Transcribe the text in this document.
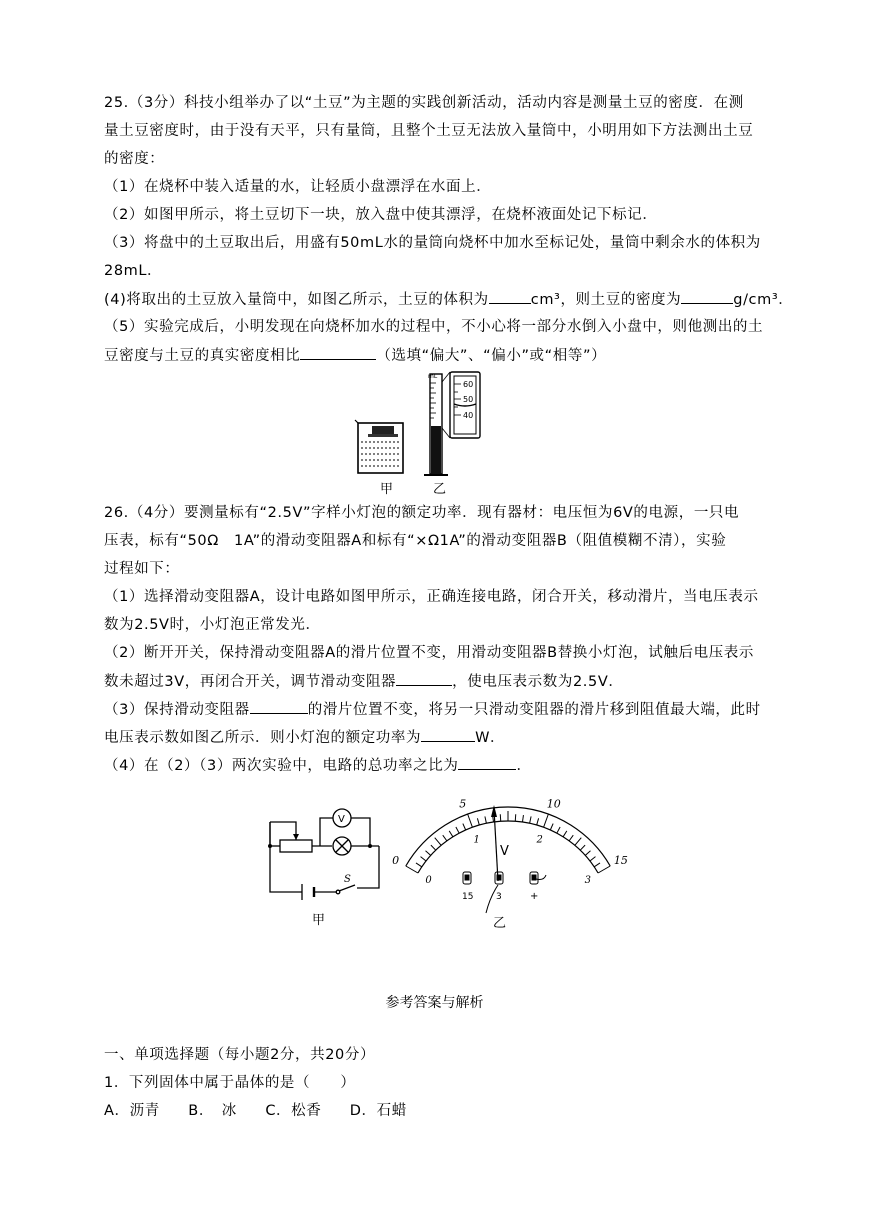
25.（3分）科技小组举办了以“土豆”为主题的实践创新活动，活动内容是测量土豆的密度．在测
量土豆密度时，由于没有天平，只有量筒，且整个土豆无法放入量筒中，小明用如下方法测出土豆
的密度：
（1）在烧杯中装入适量的水，让轻质小盘漂浮在水面上．
（2）如图甲所示，将土豆切下一块，放入盘中使其漂浮，在烧杯液面处记下标记．
（3）将盘中的土豆取出后，用盛有50mL水的量筒向烧杯中加水至标记处，量筒中剩余水的体积为
28mL．
(4)将取出的土豆放入量筒中，如图乙所示，土豆的体积为	cm³，则土豆的密度为	g/cm³．
（5）实验完成后，小明发现在向烧杯加水的过程中，不小心将一部分水倒入小盘中，则他测出的土
豆密度与土豆的真实密度相比	（选填“偏大”、“偏小”或“相等”）
mL
60
50
40
甲	乙
26.（4分）要测量标有“2.5V”字样小灯泡的额定功率．现有器材：电压恒为6V的电源，一只电
压表，标有“50Ω　1A”的滑动变阻器A和标有“×Ω1A”的滑动变阻器B（阻值模糊不清），实验
过程如下：
（1）选择滑动变阻器A，设计电路如图甲所示，正确连接电路，闭合开关，移动滑片，当电压表示
数为2.5V时，小灯泡正常发光．
（2）断开开关，保持滑动变阻器A的滑片位置不变，用滑动变阻器B替换小灯泡，试触后电压表示
数未超过3V，再闭合开关，调节滑动变阻器	，使电压表示数为2.5V．
（3）保持滑动变阻器	的滑片位置不变，将另一只滑动变阻器的滑片移到阻值最大端，此时
电压表示数如图乙所示．则小灯泡的额定功率为	W．
（4）在（2）（3）两次实验中，电路的总功率之比为	．
V
S
甲
0
5	10
15
0
1	2
3
V
15	3	+
乙
参考答案与解析
一、单项选择题（每小题2分，共20分）
1．下列固体中属于晶体的是（　　）
A．沥青 B．　冰 C．松香 D．石蜡
